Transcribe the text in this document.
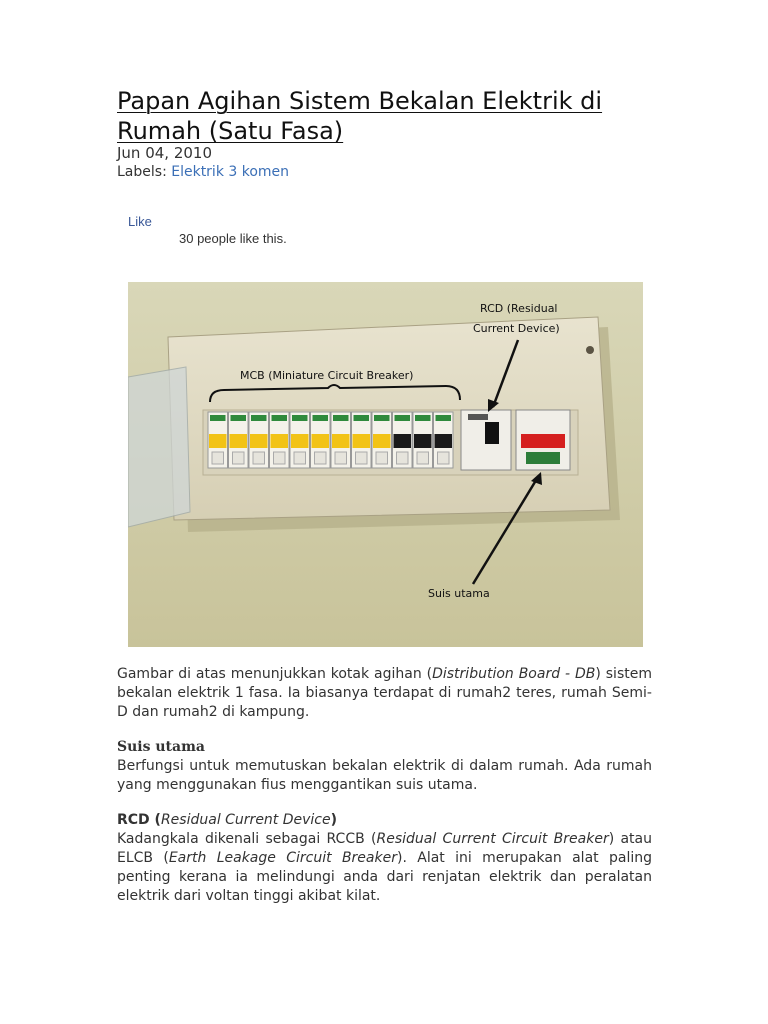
Papan Agihan Sistem Bekalan Elektrik di Rumah (Satu Fasa)
Jun 04, 2010
Labels: Elektrik 3 komen
Like
30 people like this.
MCB (Miniature Circuit Breaker)
RCD (Residual
Current Device)
Suis utama

Gambar di atas menunjukkan kotak agihan (Distribution Board - DB) sistem bekalan elektrik 1 fasa. Ia biasanya terdapat di rumah2 teres, rumah Semi-D dan rumah2 di kampung.

Suis utama

Berfungsi untuk memutuskan bekalan elektrik di dalam rumah. Ada rumah yang menggunakan fius menggantikan suis utama.

RCD (Residual Current Device)

Kadangkala dikenali sebagai RCCB (Residual Current Circuit Breaker) atau ELCB (Earth Leakage Circuit Breaker). Alat ini merupakan alat paling penting kerana ia melindungi anda dari renjatan elektrik dan peralatan elektrik dari voltan tinggi akibat kilat.
